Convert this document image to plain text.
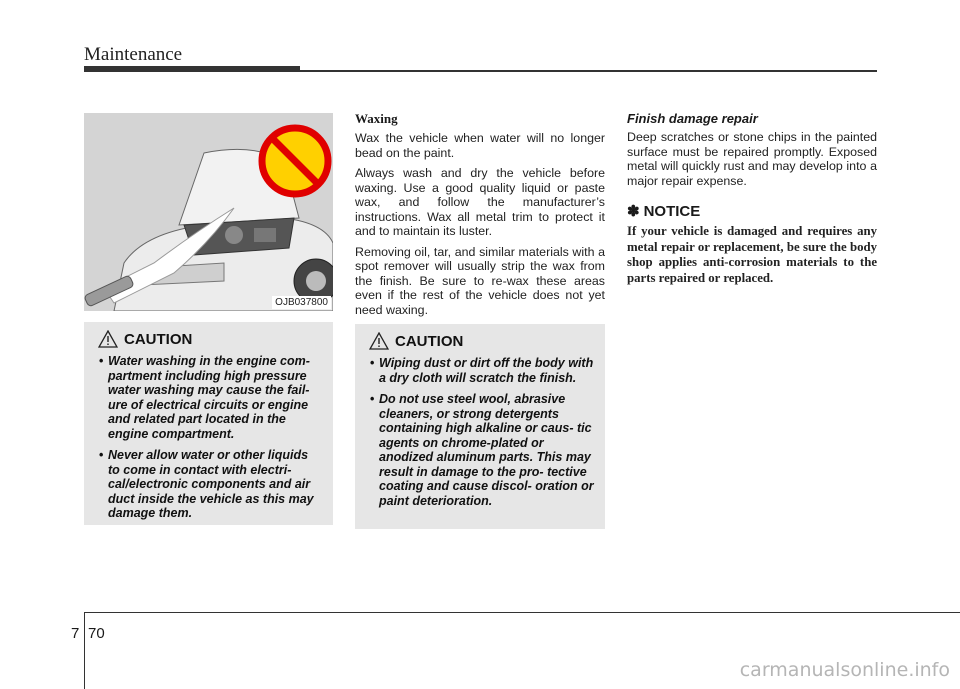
Maintenance
OJB037800
CAUTION
• Water washing in the engine com- partment including high pressure water washing may cause the fail- ure of electrical circuits or engine and related part located in the engine compartment.
• Never allow water or other liquids to come in contact with electri- cal/electronic components and air duct inside the vehicle as this may damage them.
Waxing

Wax the vehicle when water will no longer bead on the paint.

Always wash and dry the vehicle before waxing. Use a good quality liquid or paste wax, and follow the manufacturer’s instructions. Wax all metal trim to protect it and to maintain its luster.

Removing oil, tar, and similar materials with a spot remover will usually strip the wax from the finish. Be sure to re-wax these areas even if the rest of the vehicle does not yet need waxing.

CAUTION
• Wiping dust or dirt off the body with a dry cloth will scratch the finish.
• Do not use steel wool, abrasive cleaners, or strong detergents containing high alkaline or caus- tic agents on chrome-plated or anodized aluminum parts. This may result in damage to the pro- tective coating and cause discol- oration or paint deterioration.
Finish damage repair

Deep scratches or stone chips in the painted surface must be repaired promptly. Exposed metal will quickly rust and may develop into a major repair expense.

✽ NOTICE

If your vehicle is damaged and requires any metal repair or replacement, be sure the body shop applies anti-corrosion materials to the parts repaired or replaced.

7 70
carmanualsonline.info
